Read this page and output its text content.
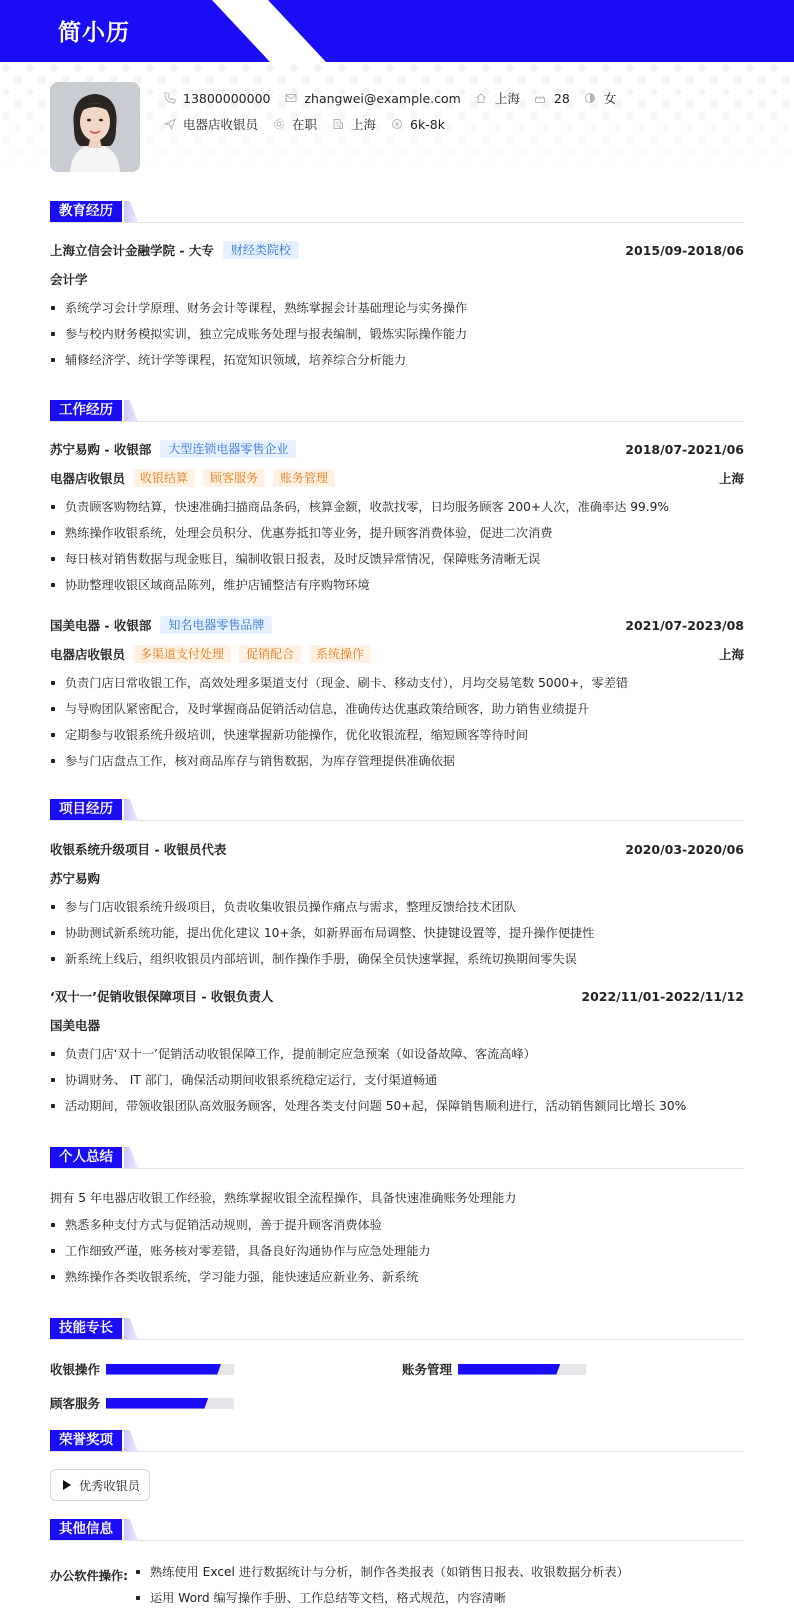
简小历
13800000000	zhangwei@example.com	上海	28	女
电器店收银员	在职	上海	6k-8k
教育经历
上海立信会计金融学院 - 大专	财经类院校	2015/09-2018/06
会计学
系统学习会计学原理、财务会计等课程，熟练掌握会计基础理论与实务操作
参与校内财务模拟实训，独立完成账务处理与报表编制，锻炼实际操作能力
辅修经济学、统计学等课程，拓宽知识领域，培养综合分析能力
工作经历
苏宁易购 - 收银部	大型连锁电器零售企业	2018/07-2021/06
电器店收银员	收银结算	顾客服务	账务管理	上海
负责顾客购物结算，快速准确扫描商品条码，核算金额，收款找零，日均服务顾客 200+人次，准确率达 99.9%
熟练操作收银系统，处理会员积分、优惠券抵扣等业务，提升顾客消费体验，促进二次消费
每日核对销售数据与现金账目，编制收银日报表，及时反馈异常情况，保障账务清晰无误
协助整理收银区域商品陈列，维护店铺整洁有序购物环境
国美电器 - 收银部	知名电器零售品牌	2021/07-2023/08
电器店收银员	多渠道支付处理	促销配合	系统操作	上海
负责门店日常收银工作，高效处理多渠道支付（现金、刷卡、移动支付），月均交易笔数 5000+，零差错
与导购团队紧密配合，及时掌握商品促销活动信息，准确传达优惠政策给顾客，助力销售业绩提升
定期参与收银系统升级培训，快速掌握新功能操作，优化收银流程，缩短顾客等待时间
参与门店盘点工作，核对商品库存与销售数据，为库存管理提供准确依据
项目经历
收银系统升级项目 - 收银员代表	2020/03-2020/06
苏宁易购
参与门店收银系统升级项目，负责收集收银员操作痛点与需求，整理反馈给技术团队
协助测试新系统功能，提出优化建议 10+条，如新界面布局调整、快捷键设置等，提升操作便捷性
新系统上线后，组织收银员内部培训，制作操作手册，确保全员快速掌握，系统切换期间零失误
‘双十一’促销收银保障项目 - 收银负责人	2022/11/01-2022/11/12
国美电器
负责门店‘双十一’促销活动收银保障工作，提前制定应急预案（如设备故障、客流高峰）
协调财务、 IT 部门，确保活动期间收银系统稳定运行，支付渠道畅通
活动期间，带领收银团队高效服务顾客，处理各类支付问题 50+起，保障销售顺利进行，活动销售额同比增长 30%
个人总结
拥有 5 年电器店收银工作经验，熟练掌握收银全流程操作，具备快速准确账务处理能力
熟悉多种支付方式与促销活动规则，善于提升顾客消费体验
工作细致严谨，账务核对零差错，具备良好沟通协作与应急处理能力
熟练操作各类收银系统，学习能力强，能快速适应新业务、新系统
技能专长
收银操作	账务管理
顾客服务
荣誉奖项
优秀收银员
其他信息
办公软件操作:	熟练使用 Excel 进行数据统计与分析，制作各类报表（如销售日报表、收银数据分析表）
运用 Word 编写操作手册、工作总结等文档，格式规范，内容清晰
